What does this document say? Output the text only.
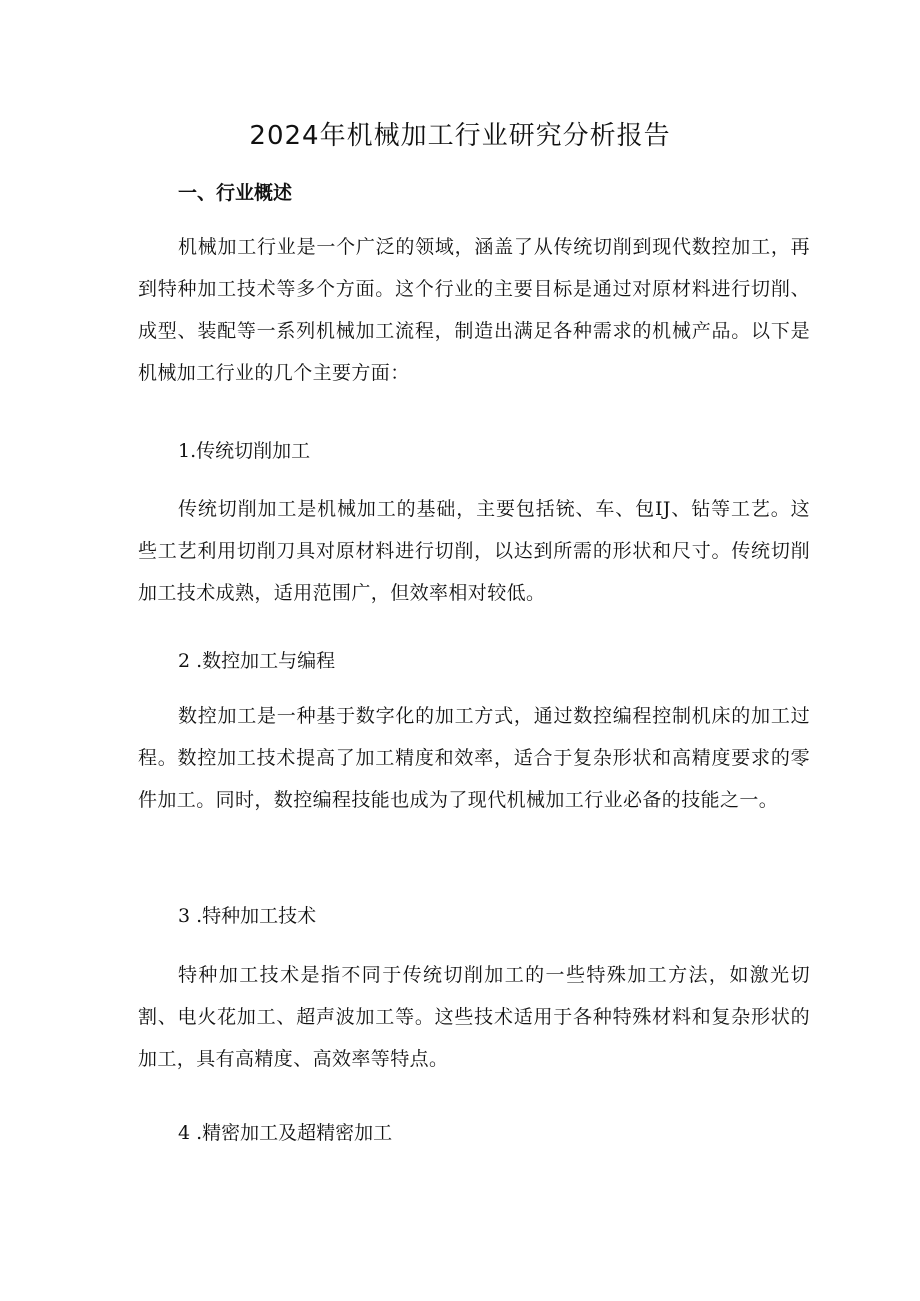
2024年机械加工行业研究分析报告
一、行业概述
机械加工行业是一个广泛的领域，涵盖了从传统切削到现代数控加工，再到特种加工技术等多个方面。这个行业的主要目标是通过对原材料进行切削、成型、装配等一系列机械加工流程，制造出满足各种需求的机械产品。以下是机械加工行业的几个主要方面：
1.传统切削加工
传统切削加工是机械加工的基础，主要包括铳、车、包IJ、钻等工艺。这些工艺利用切削刀具对原材料进行切削，以达到所需的形状和尺寸。传统切削加工技术成熟，适用范围广，但效率相对较低。
2 .数控加工与编程
数控加工是一种基于数字化的加工方式，通过数控编程控制机床的加工过程。数控加工技术提高了加工精度和效率，适合于复杂形状和高精度要求的零件加工。同时，数控编程技能也成为了现代机械加工行业必备的技能之一。
3 .特种加工技术
特种加工技术是指不同于传统切削加工的一些特殊加工方法，如激光切割、电火花加工、超声波加工等。这些技术适用于各种特殊材料和复杂形状的加工，具有高精度、高效率等特点。
4 .精密加工及超精密加工
